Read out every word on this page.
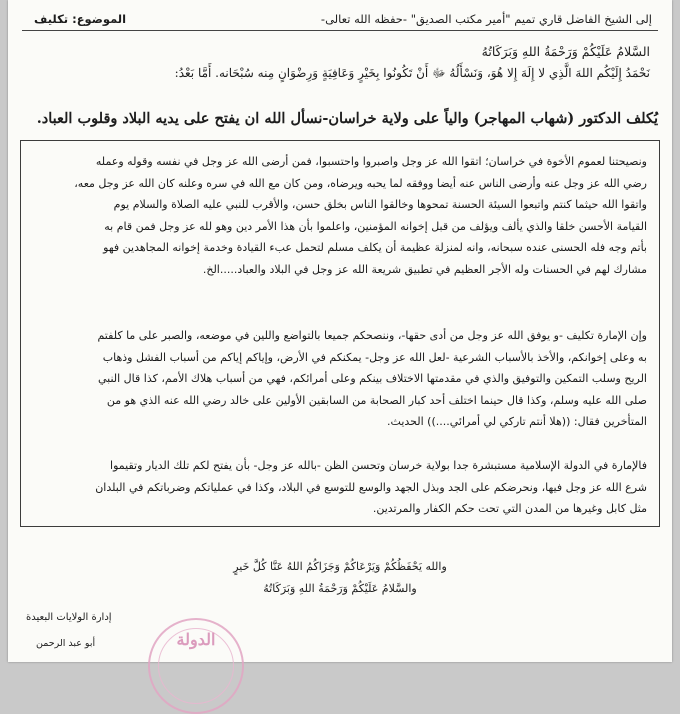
إلى الشيخ الفاضل قاري تميم "أمير مكتب الصديق" -حفظه الله تعالى-
الموضوع: تكليف
السَّلامُ عَلَيْكُمْ وَرَحْمَةُ اللهِ وَبَرَكَاتُهُ
نَحْمَدُ إِلَيْكُم اللهَ الَّذِي لا إِلَهَ إِلا هُوَ، وَنَسْأَلُهُ ﷻ أَنْ تَكُونُوا بِخَيْرٍ وَعَافِيَةٍ وَرِضْوَانٍ مِنه سُبْحَانه. أَمَّا بَعْدُ:
يُكلف الدكتور (شهاب المهاجر) والياً على ولاية خراسان-نسأل الله ان يفتح على يديه البلاد وقلوب العباد.
ونصيحتنا لعموم الأخوة في خراسان؛ اتقوا الله عز وجل واصبروا واحتسبوا، فمن أرضى الله عز وجل في نفسه وقوله وعمله
رضي الله عز وجل عنه وأرضى الناس عنه أيضا ووفقه لما يحبه ويرضاه، ومن كان مع الله في سره وعلنه كان الله عز وجل معه،
واتقوا الله حيثما كنتم واتبعوا السيئة الحسنة تمحوها وخالقوا الناس بخلق حسن، والأقرب للنبي عليه الصلاة والسلام يوم
القيامة الأحسن خلقا والذي يألف ويؤلف من قبل إخوانه المؤمنين، واعلموا بأن هذا الأمر دين وهو لله عز وجل فمن قام به
بأتم وجه فله الحسنى عنده سبحانه، وانه لمنزلة عظيمة أن يكلف مسلم لتحمل عبء القيادة وخدمة إخوانه المجاهدين فهو
مشارك لهم في الحسنات وله الأجر العظيم في تطبيق شريعة الله عز وجل في البلاد والعباد.....الخ.
وإن الإمارة تكليف -و يوفق الله عز وجل من أدى حقها-، وننصحكم جميعا بالتواضع واللين في موضعه، والصبر على ما كلفتم
به وعلى إخوانكم، والأخذ بالأسباب الشرعية -لعل الله عز وجل- يمكنكم في الأرض، وإياكم إياكم من أسباب الفشل وذهاب
الريح وسلب التمكين والتوفيق والذي في مقدمتها الاختلاف بينكم وعلى أمرائكم، فهي من أسباب هلاك الأمم، كذا قال النبي
صلى الله عليه وسلم، وكذا قال حينما اختلف أحد كبار الصحابة من السابقين الأولين على خالد رضي الله عنه الذي هو من
المتأخرين فقال: ((هلا أنتم تاركي لي أمرائي....)) الحديث.
فالإمارة في الدولة الإسلامية مستبشرة جدا بولاية خرسان وتحسن الظن -بالله عز وجل- بأن يفتح لكم تلك الديار وتقيموا
شرع الله عز وجل فيها، ونحرضكم على الجد وبذل الجهد والوسع للتوسع في البلاد، وكذا في عملياتكم وضرباتكم في البلدان
مثل كابل وغيرها من المدن التي تحت حكم الكفار والمرتدين.
والله يَحْفَظُكُمْ وَيَرْعَاكُمْ وَجَزَاكُمُ اللهُ عَنَّا كُلَّ خَيرٍ
والسَّلامُ عَلَيْكُمْ وَرَحْمَةُ اللهِ وَبَرَكَاتُهُ
إدارة الولايات البعيدة
أبو عبد الرحمن	الدولة
